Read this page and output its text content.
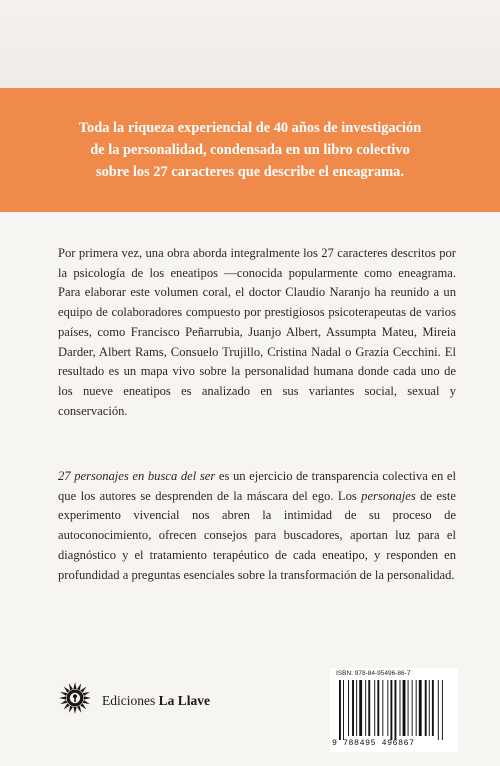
Toda la riqueza experiencial de 40 años de investigación
de la personalidad, condensada en un libro colectivo
sobre los 27 caracteres que describe el eneagrama.

Por primera vez, una obra aborda integralmente los 27 caracteres descritos por la psicología de los eneatipos —conocida popularmente como eneagrama. Para elaborar este volumen coral, el doctor Claudio Naranjo ha reunido a un equipo de colaboradores compuesto por prestigiosos psicoterapeutas de varios países, como Francisco Peñarrubia, Juanjo Albert, Assumpta Mateu, Mireia Darder, Albert Rams, Consuelo Trujillo, Cristina Nadal o Grazia Cecchini. El resultado es un mapa vivo sobre la personalidad humana donde cada uno de los nueve eneatipos es analizado en sus variantes social, sexual y conservación.

27 personajes en busca del ser es un ejercicio de transparencia colectiva en el que los autores se desprenden de la máscara del ego. Los personajes de este experimento vivencial nos abren la intimidad de su proceso de autoconocimiento, ofrecen consejos para buscadores, aportan luz para el diagnóstico y el tratamiento terapéutico de cada eneatipo, y responden en profundidad a preguntas esenciales sobre la transformación de la personalidad.

Ediciones La Llave
ISBN: 978-84-95496-86-7
9 788495 496867
